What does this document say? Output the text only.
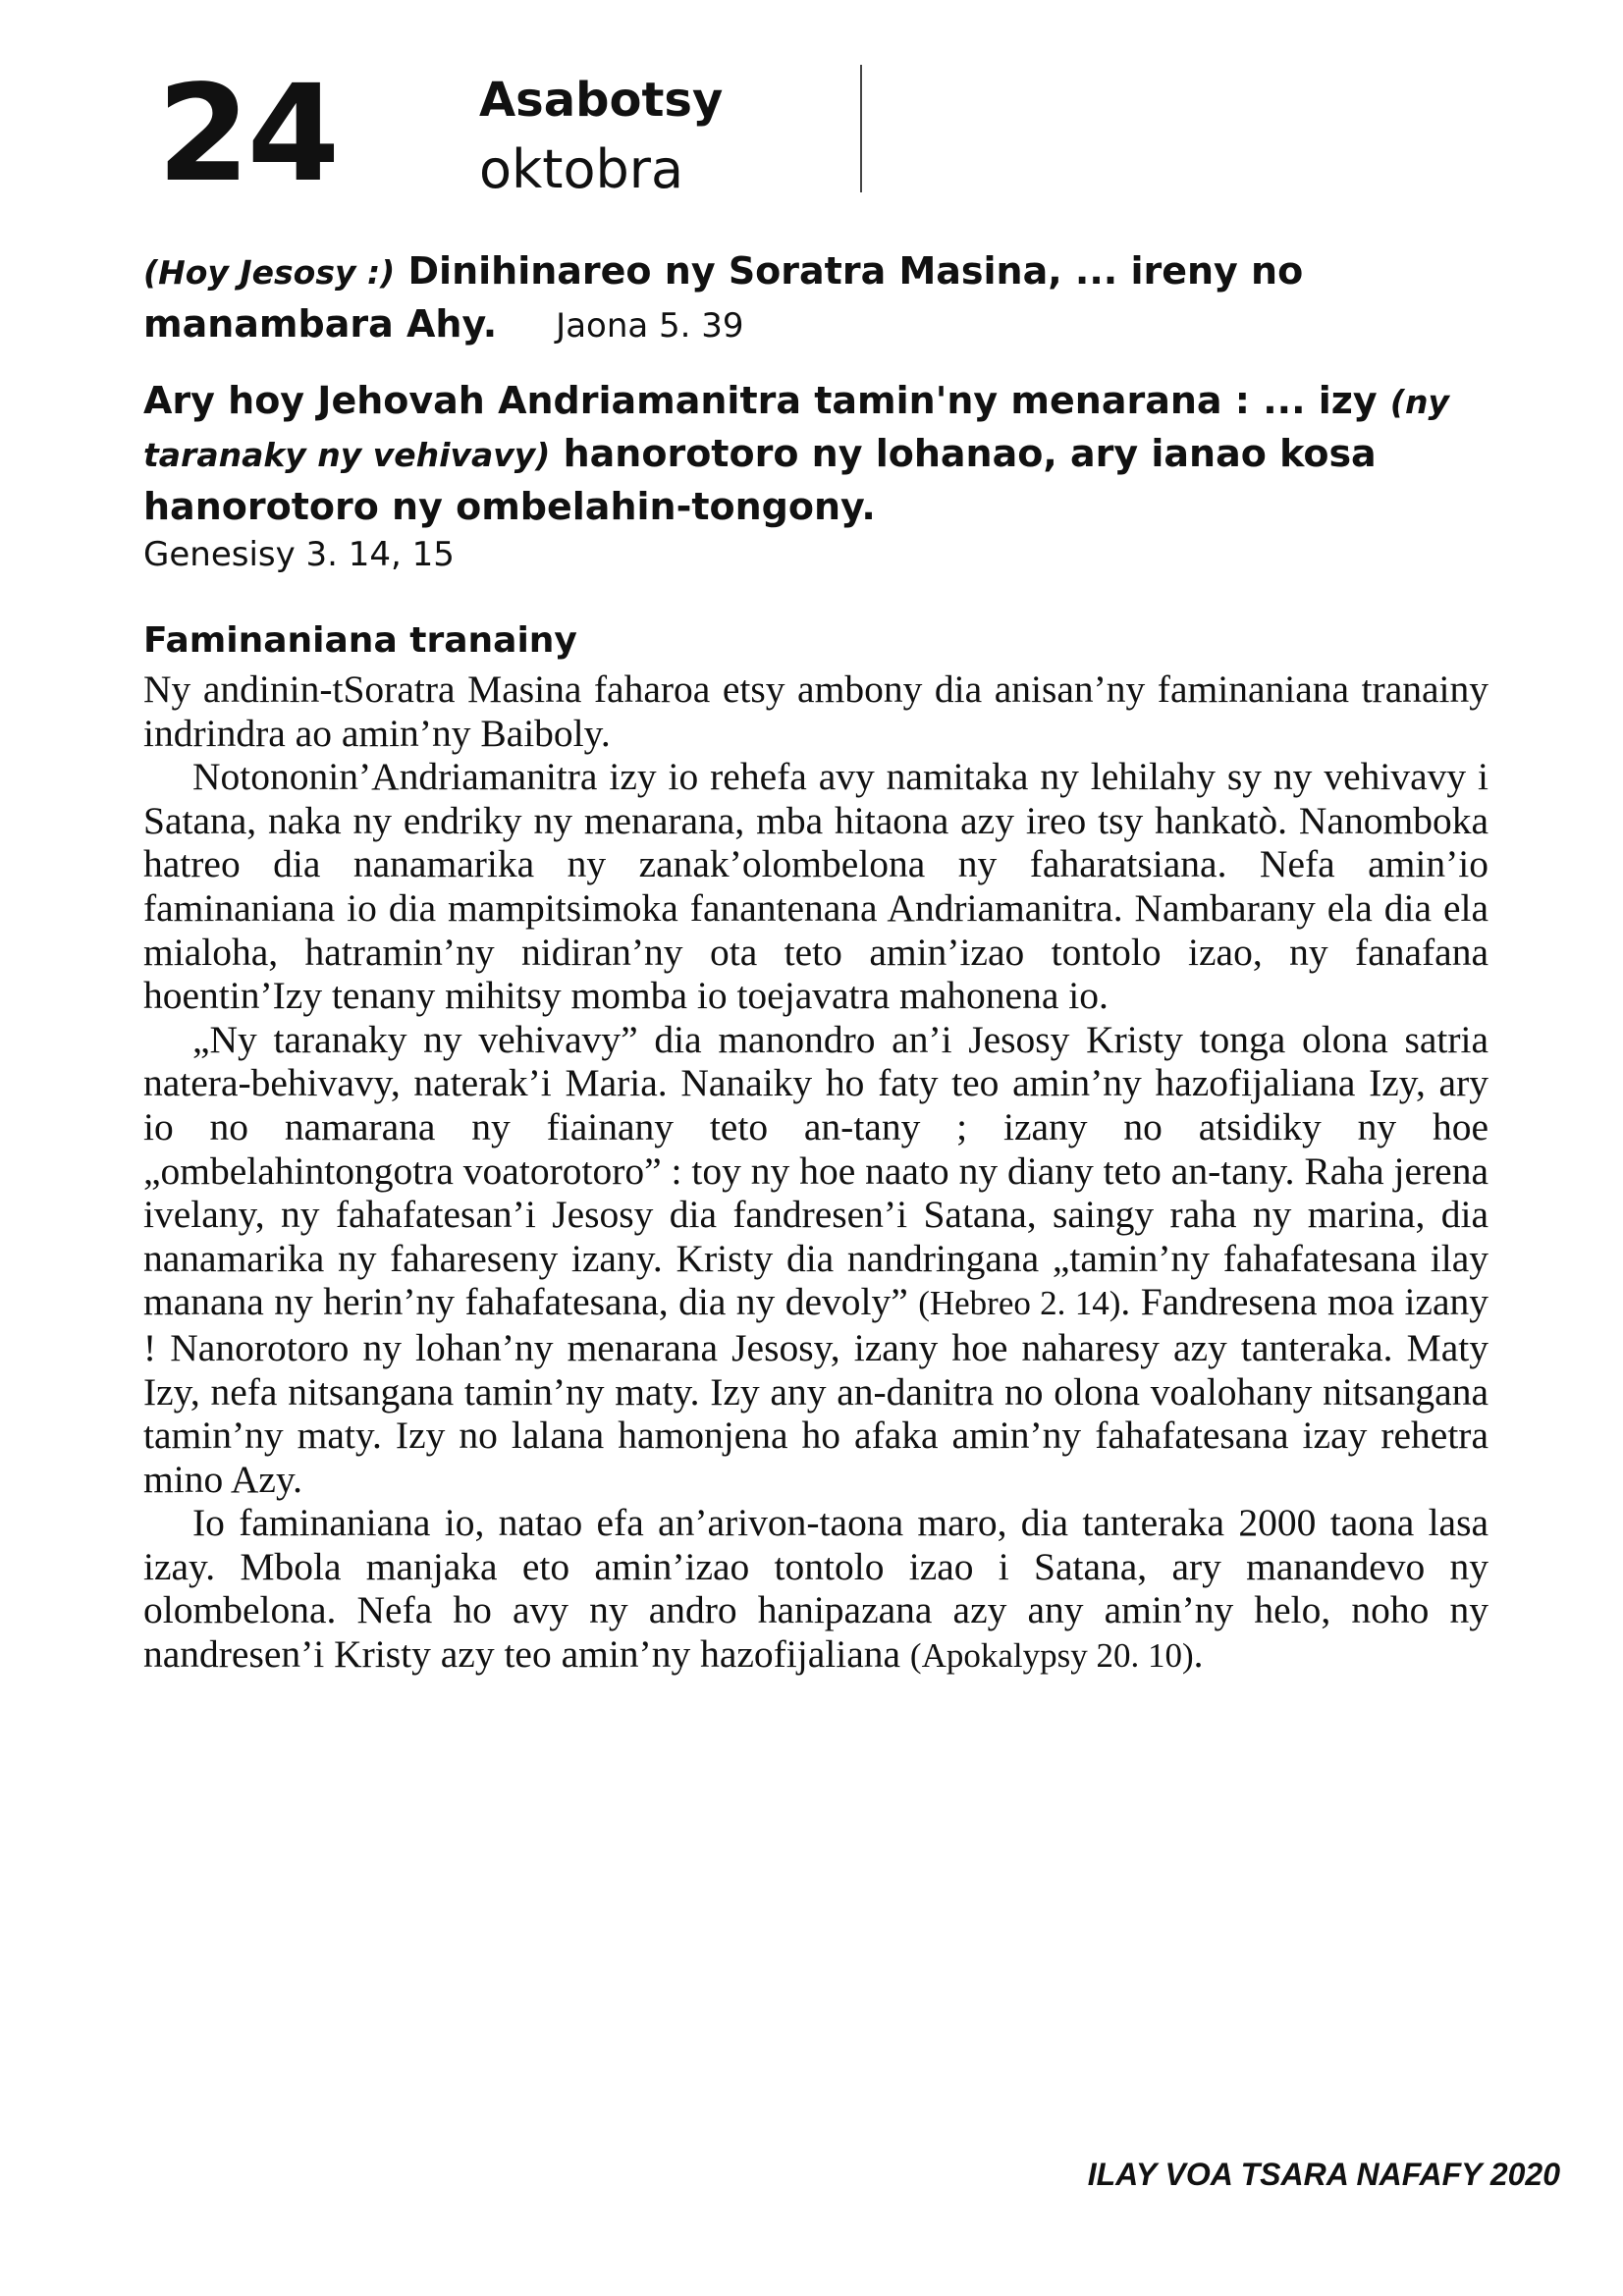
24	Asabotsy
oktobra
(Hoy Jesosy :) Dinihinareo ny Soratra Masina, ... ireny no manambara Ahy. Jaona 5. 39
Ary hoy Jehovah Andriamanitra tamin'ny menarana : ... izy (ny taranaky ny vehivavy) hanorotoro ny lohanao, ary ianao kosa hanorotoro ny ombelahin-tongony.
Genesisy 3. 14, 15
Faminaniana tranainy

Ny andinin-tSoratra Masina faharoa etsy ambony dia anisan’ny faminaniana tranainy indrindra ao amin’ny Baiboly.

Notononin’Andriamanitra izy io rehefa avy namitaka ny lehilahy sy ny vehivavy i Satana, naka ny endriky ny menarana, mba hitaona azy ireo tsy hankatò. Nanomboka hatreo dia nanamarika ny zanak’olombelona ny faharatsiana. Nefa amin’io faminaniana io dia mampitsimoka fanantenana Andriamanitra. Nambarany ela dia ela mialoha, hatramin’ny nidiran’ny ota teto amin’izao tontolo izao, ny fanafana hoentin’Izy tenany mihitsy momba io toejavatra mahonena io.

„Ny taranaky ny vehivavy” dia manondro an’i Jesosy Kristy tonga olona satria natera-behivavy, naterak’i Maria. Nanaiky ho faty teo amin’ny hazofijaliana Izy, ary io no namarana ny fiainany teto an-tany ; izany no atsidiky ny hoe „ombelahintongotra voatorotoro” : toy ny hoe naato ny diany teto an-tany. Raha jerena ivelany, ny fahafatesan’i Jesosy dia fandresen’i Satana, saingy raha ny marina, dia nanamarika ny fahareseny izany. Kristy dia nandringana „tamin’ny fahafatesana ilay manana ny herin’ny fahafatesana, dia ny devoly” (Hebreo 2. 14). Fandresena moa izany ! Nanorotoro ny lohan’ny menarana Jesosy, izany hoe naharesy azy tanteraka. Maty Izy, nefa nitsangana tamin’ny maty. Izy any an-danitra no olona voalohany nitsangana tamin’ny maty. Izy no lalana hamonjena ho afaka amin’ny fahafatesana izay rehetra mino Azy.

Io faminaniana io, natao efa an’arivon-taona maro, dia tanteraka 2000 taona lasa izay. Mbola manjaka eto amin’izao tontolo izao i Satana, ary manandevo ny olombelona. Nefa ho avy ny andro hanipazana azy any amin’ny helo, noho ny nandresen’i Kristy azy teo amin’ny hazofijaliana (Apokalypsy 20. 10).

ILAY VOA TSARA NAFAFY 2020
